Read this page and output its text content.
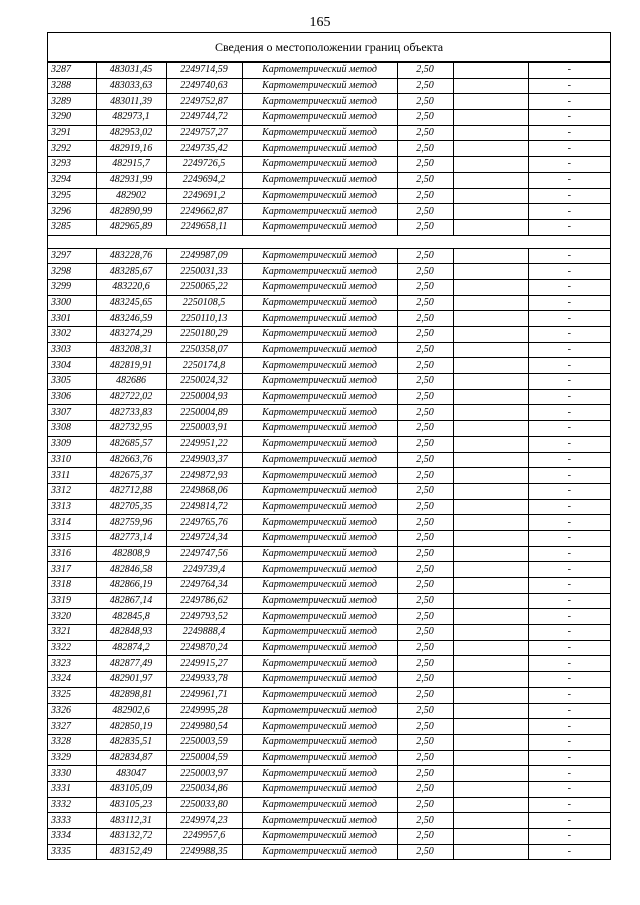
165
Сведения о местоположении границ объекта
3287	483031,45	2249714,59	Картометрический метод	2,50		-
3288	483033,63	2249740,63	Картометрический метод	2,50		-
3289	483011,39	2249752,87	Картометрический метод	2,50		-
3290	482973,1	2249744,72	Картометрический метод	2,50		-
3291	482953,02	2249757,27	Картометрический метод	2,50		-
3292	482919,16	2249735,42	Картометрический метод	2,50		-
3293	482915,7	2249726,5	Картометрический метод	2,50		-
3294	482931,99	2249694,2	Картометрический метод	2,50		-
3295	482902	2249691,2	Картометрический метод	2,50		-
3296	482890,99	2249662,87	Картометрический метод	2,50		-
3285	482965,89	2249658,11	Картометрический метод	2,50		-

3297	483228,76	2249987,09	Картометрический метод	2,50		-
3298	483285,67	2250031,33	Картометрический метод	2,50		-
3299	483220,6	2250065,22	Картометрический метод	2,50		-
3300	483245,65	2250108,5	Картометрический метод	2,50		-
3301	483246,59	2250110,13	Картометрический метод	2,50		-
3302	483274,29	2250180,29	Картометрический метод	2,50		-
3303	483208,31	2250358,07	Картометрический метод	2,50		-
3304	482819,91	2250174,8	Картометрический метод	2,50		-
3305	482686	2250024,32	Картометрический метод	2,50		-
3306	482722,02	2250004,93	Картометрический метод	2,50		-
3307	482733,83	2250004,89	Картометрический метод	2,50		-
3308	482732,95	2250003,91	Картометрический метод	2,50		-
3309	482685,57	2249951,22	Картометрический метод	2,50		-
3310	482663,76	2249903,37	Картометрический метод	2,50		-
3311	482675,37	2249872,93	Картометрический метод	2,50		-
3312	482712,88	2249868,06	Картометрический метод	2,50		-
3313	482705,35	2249814,72	Картометрический метод	2,50		-
3314	482759,96	2249765,76	Картометрический метод	2,50		-
3315	482773,14	2249724,34	Картометрический метод	2,50		-
3316	482808,9	2249747,56	Картометрический метод	2,50		-
3317	482846,58	2249739,4	Картометрический метод	2,50		-
3318	482866,19	2249764,34	Картометрический метод	2,50		-
3319	482867,14	2249786,62	Картометрический метод	2,50		-
3320	482845,8	2249793,52	Картометрический метод	2,50		-
3321	482848,93	2249888,4	Картометрический метод	2,50		-
3322	482874,2	2249870,24	Картометрический метод	2,50		-
3323	482877,49	2249915,27	Картометрический метод	2,50		-
3324	482901,97	2249933,78	Картометрический метод	2,50		-
3325	482898,81	2249961,71	Картометрический метод	2,50		-
3326	482902,6	2249995,28	Картометрический метод	2,50		-
3327	482850,19	2249980,54	Картометрический метод	2,50		-
3328	482835,51	2250003,59	Картометрический метод	2,50		-
3329	482834,87	2250004,59	Картометрический метод	2,50		-
3330	483047	2250003,97	Картометрический метод	2,50		-
3331	483105,09	2250034,86	Картометрический метод	2,50		-
3332	483105,23	2250033,80	Картометрический метод	2,50		-
3333	483112,31	2249974,23	Картометрический метод	2,50		-
3334	483132,72	2249957,6	Картометрический метод	2,50		-
3335	483152,49	2249988,35	Картометрический метод	2,50		-
